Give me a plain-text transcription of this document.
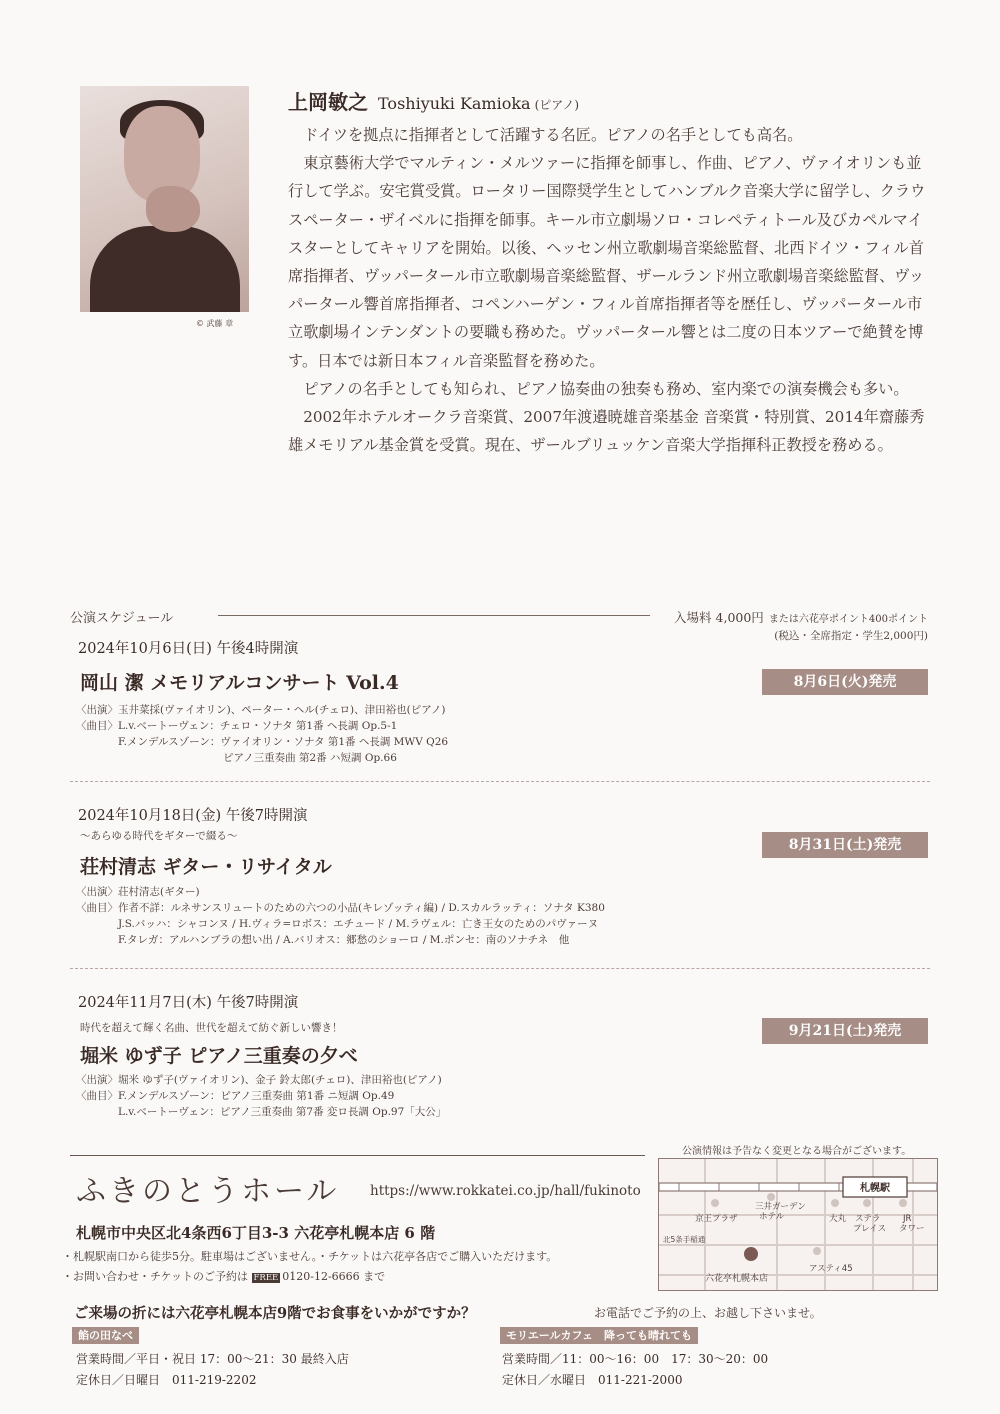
© 武藤 章
上岡敏之 Toshiyuki Kamioka (ピアノ)

ドイツを拠点に指揮者として活躍する名匠。ピアノの名手としても高名。

東京藝術大学でマルティン・メルツァーに指揮を師事し、作曲、ピアノ、ヴァイオリンも並行して学ぶ。安宅賞受賞。ロータリー国際奨学生としてハンブルク音楽大学に留学し、クラウスペーター・ザイベルに指揮を師事。キール市立劇場ソロ・コレペティトール及びカペルマイスターとしてキャリアを開始。以後、ヘッセン州立歌劇場音楽総監督、北西ドイツ・フィル首席指揮者、ヴッパータール市立歌劇場音楽総監督、ザールランド州立歌劇場音楽総監督、ヴッパータール響首席指揮者、コペンハーゲン・フィル首席指揮者等を歴任し、ヴッパータール市立歌劇場インテンダントの要職も務めた。ヴッパータール響とは二度の日本ツアーで絶賛を博す。日本では新日本フィル音楽監督を務めた。

ピアノの名手としても知られ、ピアノ協奏曲の独奏も務め、室内楽での演奏機会も多い。

2002年ホテルオークラ音楽賞、2007年渡邉暁雄音楽基金 音楽賞・特別賞、2014年齋藤秀雄メモリアル基金賞を受賞。現在、ザールブリュッケン音楽大学指揮科正教授を務める。

公演スケジュール	入場料 4,000円 または六花亭ポイント400ポイント
(税込・全席指定・学生2,000円)
2024年10月6日(日) 午後4時開演
岡山 潔 メモリアルコンサート Vol.4	8月6日(火)発売
〈出演〉玉井菜採(ヴァイオリン)、ペーター・ヘル(チェロ)、津田裕也(ピアノ)
〈曲目〉L.v.ベートーヴェン：チェロ・ソナタ 第1番 ヘ長調 Op.5-1
　　　　F.メンデルスゾーン：ヴァイオリン・ソナタ 第1番 ヘ長調 MWV Q26
　　　　　　　　　　　　　　ピアノ三重奏曲 第2番 ハ短調 Op.66
2024年10月18日(金) 午後7時開演
〜あらゆる時代をギターで綴る〜
荘村清志 ギター・リサイタル
8月31日(土)発売
〈出演〉荘村清志(ギター)
〈曲目〉作者不詳：ルネサンスリュートのための六つの小品(キレゾッティ編) / D.スカルラッティ：ソナタ K380
　　　　J.S.バッハ：シャコンヌ / H.ヴィラ=ロボス：エチュード / M.ラヴェル：亡き王女のためのパヴァーヌ
　　　　F.タレガ：アルハンブラの想い出 / A.バリオス：郷愁のショーロ / M.ポンセ：南のソナチネ　他
2024年11月7日(木) 午後7時開演
時代を超えて輝く名曲、世代を超えて紡ぐ新しい響き！
堀米 ゆず子 ピアノ三重奏の夕べ
9月21日(土)発売
〈出演〉堀米 ゆず子(ヴァイオリン)、金子 鈴太郎(チェロ)、津田裕也(ピアノ)
〈曲目〉F.メンデルスゾーン：ピアノ三重奏曲 第1番 ニ短調 Op.49
　　　　L.v.ベートーヴェン：ピアノ三重奏曲 第7番 変ロ長調 Op.97「大公」
ふきのとうホール https://www.rokkatei.co.jp/hall/fukinoto
札幌市中央区北4条西6丁目3-3 六花亭札幌本店 6 階
・札幌駅南口から徒歩5分。駐車場はございません。・チケットは六花亭各店でご購入いただけます。
・お問い合わせ・チケットのご予約は FREE 0120-12-6666 まで
公演情報は予告なく変更となる場合がございます。
札幌駅
京王プラザ
三井ガーデンホテル	大丸 ステラプレイス
JR タワー
北5条手稲通
六花亭札幌本店
アスティ45
ご来場の折には六花亭札幌本店9階でお食事をいかがですか？	お電話でご予約の上、お越し下さいませ。
餡の田なべ
営業時間／平日・祝日 17：00〜21：30 最終入店
定休日／日曜日　011-219-2202
モリエールカフェ　降っても晴れても
営業時間／11：00〜16：00　17：30〜20：00
定休日／水曜日　011-221-2000
